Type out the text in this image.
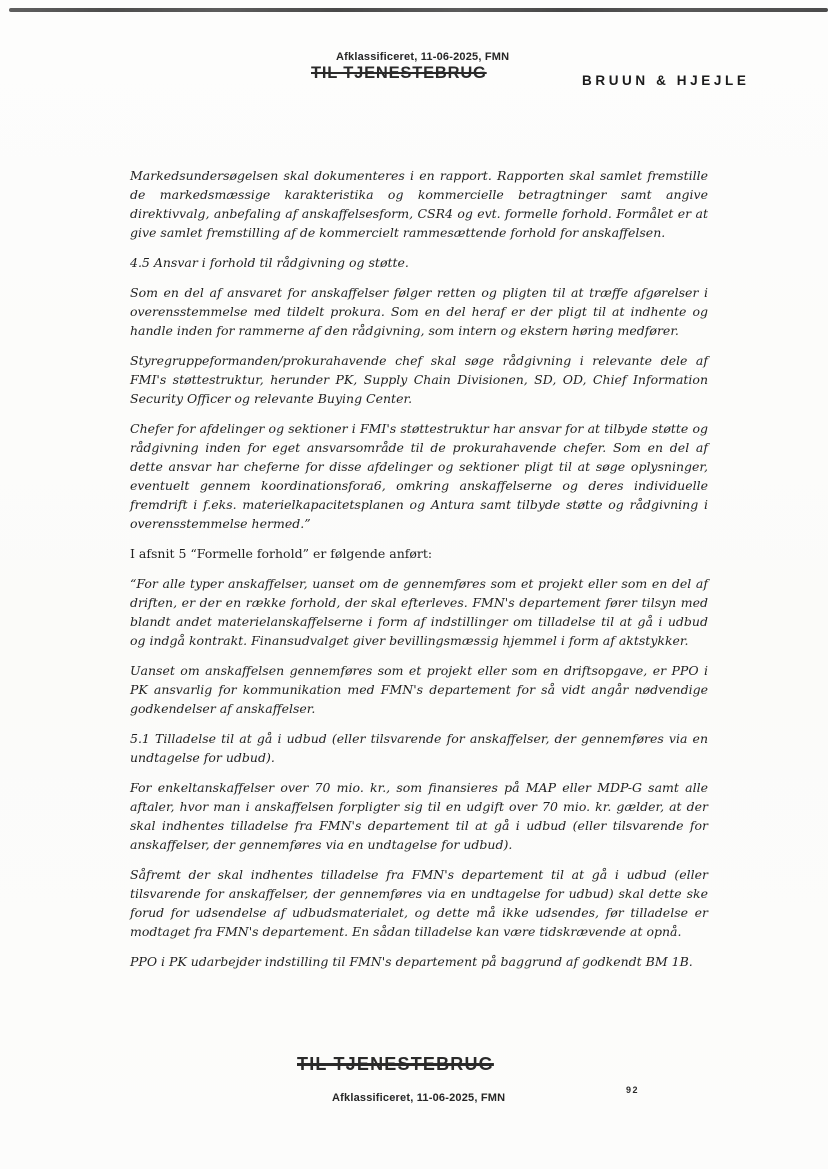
Afklassificeret, 11-06-2025, FMN
TIL TJENESTEBRUG	BRUUN & HJEJLE

Markedsundersøgelsen skal dokumenteres i en rapport. Rapporten skal samlet fremstille de markedsmæssige karakteristika og kommercielle betragtninger samt angive direktivvalg, anbefaling af anskaffelsesform, CSR4 og evt. formelle forhold. Formålet er at give samlet fremstilling af de kommercielt rammesættende forhold for anskaffelsen.

4.5 Ansvar i forhold til rådgivning og støtte.

Som en del af ansvaret for anskaffelser følger retten og pligten til at træffe afgørelser i overensstemmelse med tildelt prokura. Som en del heraf er der pligt til at indhente og handle inden for rammerne af den rådgivning, som intern og ekstern høring medfører.

Styregruppeformanden/prokurahavende chef skal søge rådgivning i relevante dele af FMI's støttestruktur, herunder PK, Supply Chain Divisionen, SD, OD, Chief Information Security Officer og relevante Buying Center.

Chefer for afdelinger og sektioner i FMI's støttestruktur har ansvar for at tilbyde støtte og rådgivning inden for eget ansvarsområde til de prokurahavende chefer. Som en del af dette ansvar har cheferne for disse afdelinger og sektioner pligt til at søge oplysninger, eventuelt gennem koordinationsfora6, omkring anskaffelserne og deres individuelle fremdrift i f.eks. materielkapacitetsplanen og Antura samt tilbyde støtte og rådgivning i overensstemmelse hermed.”

I afsnit 5 “Formelle forhold” er følgende anført:

“For alle typer anskaffelser, uanset om de gennemføres som et projekt eller som en del af driften, er der en række forhold, der skal efterleves. FMN's departement fører tilsyn med blandt andet materielanskaffelserne i form af indstillinger om tilladelse til at gå i udbud og indgå kontrakt. Finansudvalget giver bevillingsmæssig hjemmel i form af aktstykker.

Uanset om anskaffelsen gennemføres som et projekt eller som en driftsopgave, er PPO i PK ansvarlig for kommunikation med FMN's departement for så vidt angår nødvendige godkendelser af anskaffelser.

5.1 Tilladelse til at gå i udbud (eller tilsvarende for anskaffelser, der gennemføres via en undtagelse for udbud).

For enkeltanskaffelser over 70 mio. kr., som finansieres på MAP eller MDP-G samt alle aftaler, hvor man i anskaffelsen forpligter sig til en udgift over 70 mio. kr. gælder, at der skal indhentes tilladelse fra FMN's departement til at gå i udbud (eller tilsvarende for anskaffelser, der gennemføres via en undtagelse for udbud).

Såfremt der skal indhentes tilladelse fra FMN's departement til at gå i udbud (eller tilsvarende for anskaffelser, der gennemføres via en undtagelse for udbud) skal dette ske forud for udsendelse af udbudsmaterialet, og dette må ikke udsendes, før tilladelse er modtaget fra FMN's departement. En sådan tilladelse kan være tidskrævende at opnå.

PPO i PK udarbejder indstilling til FMN's departement på baggrund af godkendt BM 1B.

TIL TJENESTEBRUG
Afklassificeret, 11-06-2025, FMN
92
